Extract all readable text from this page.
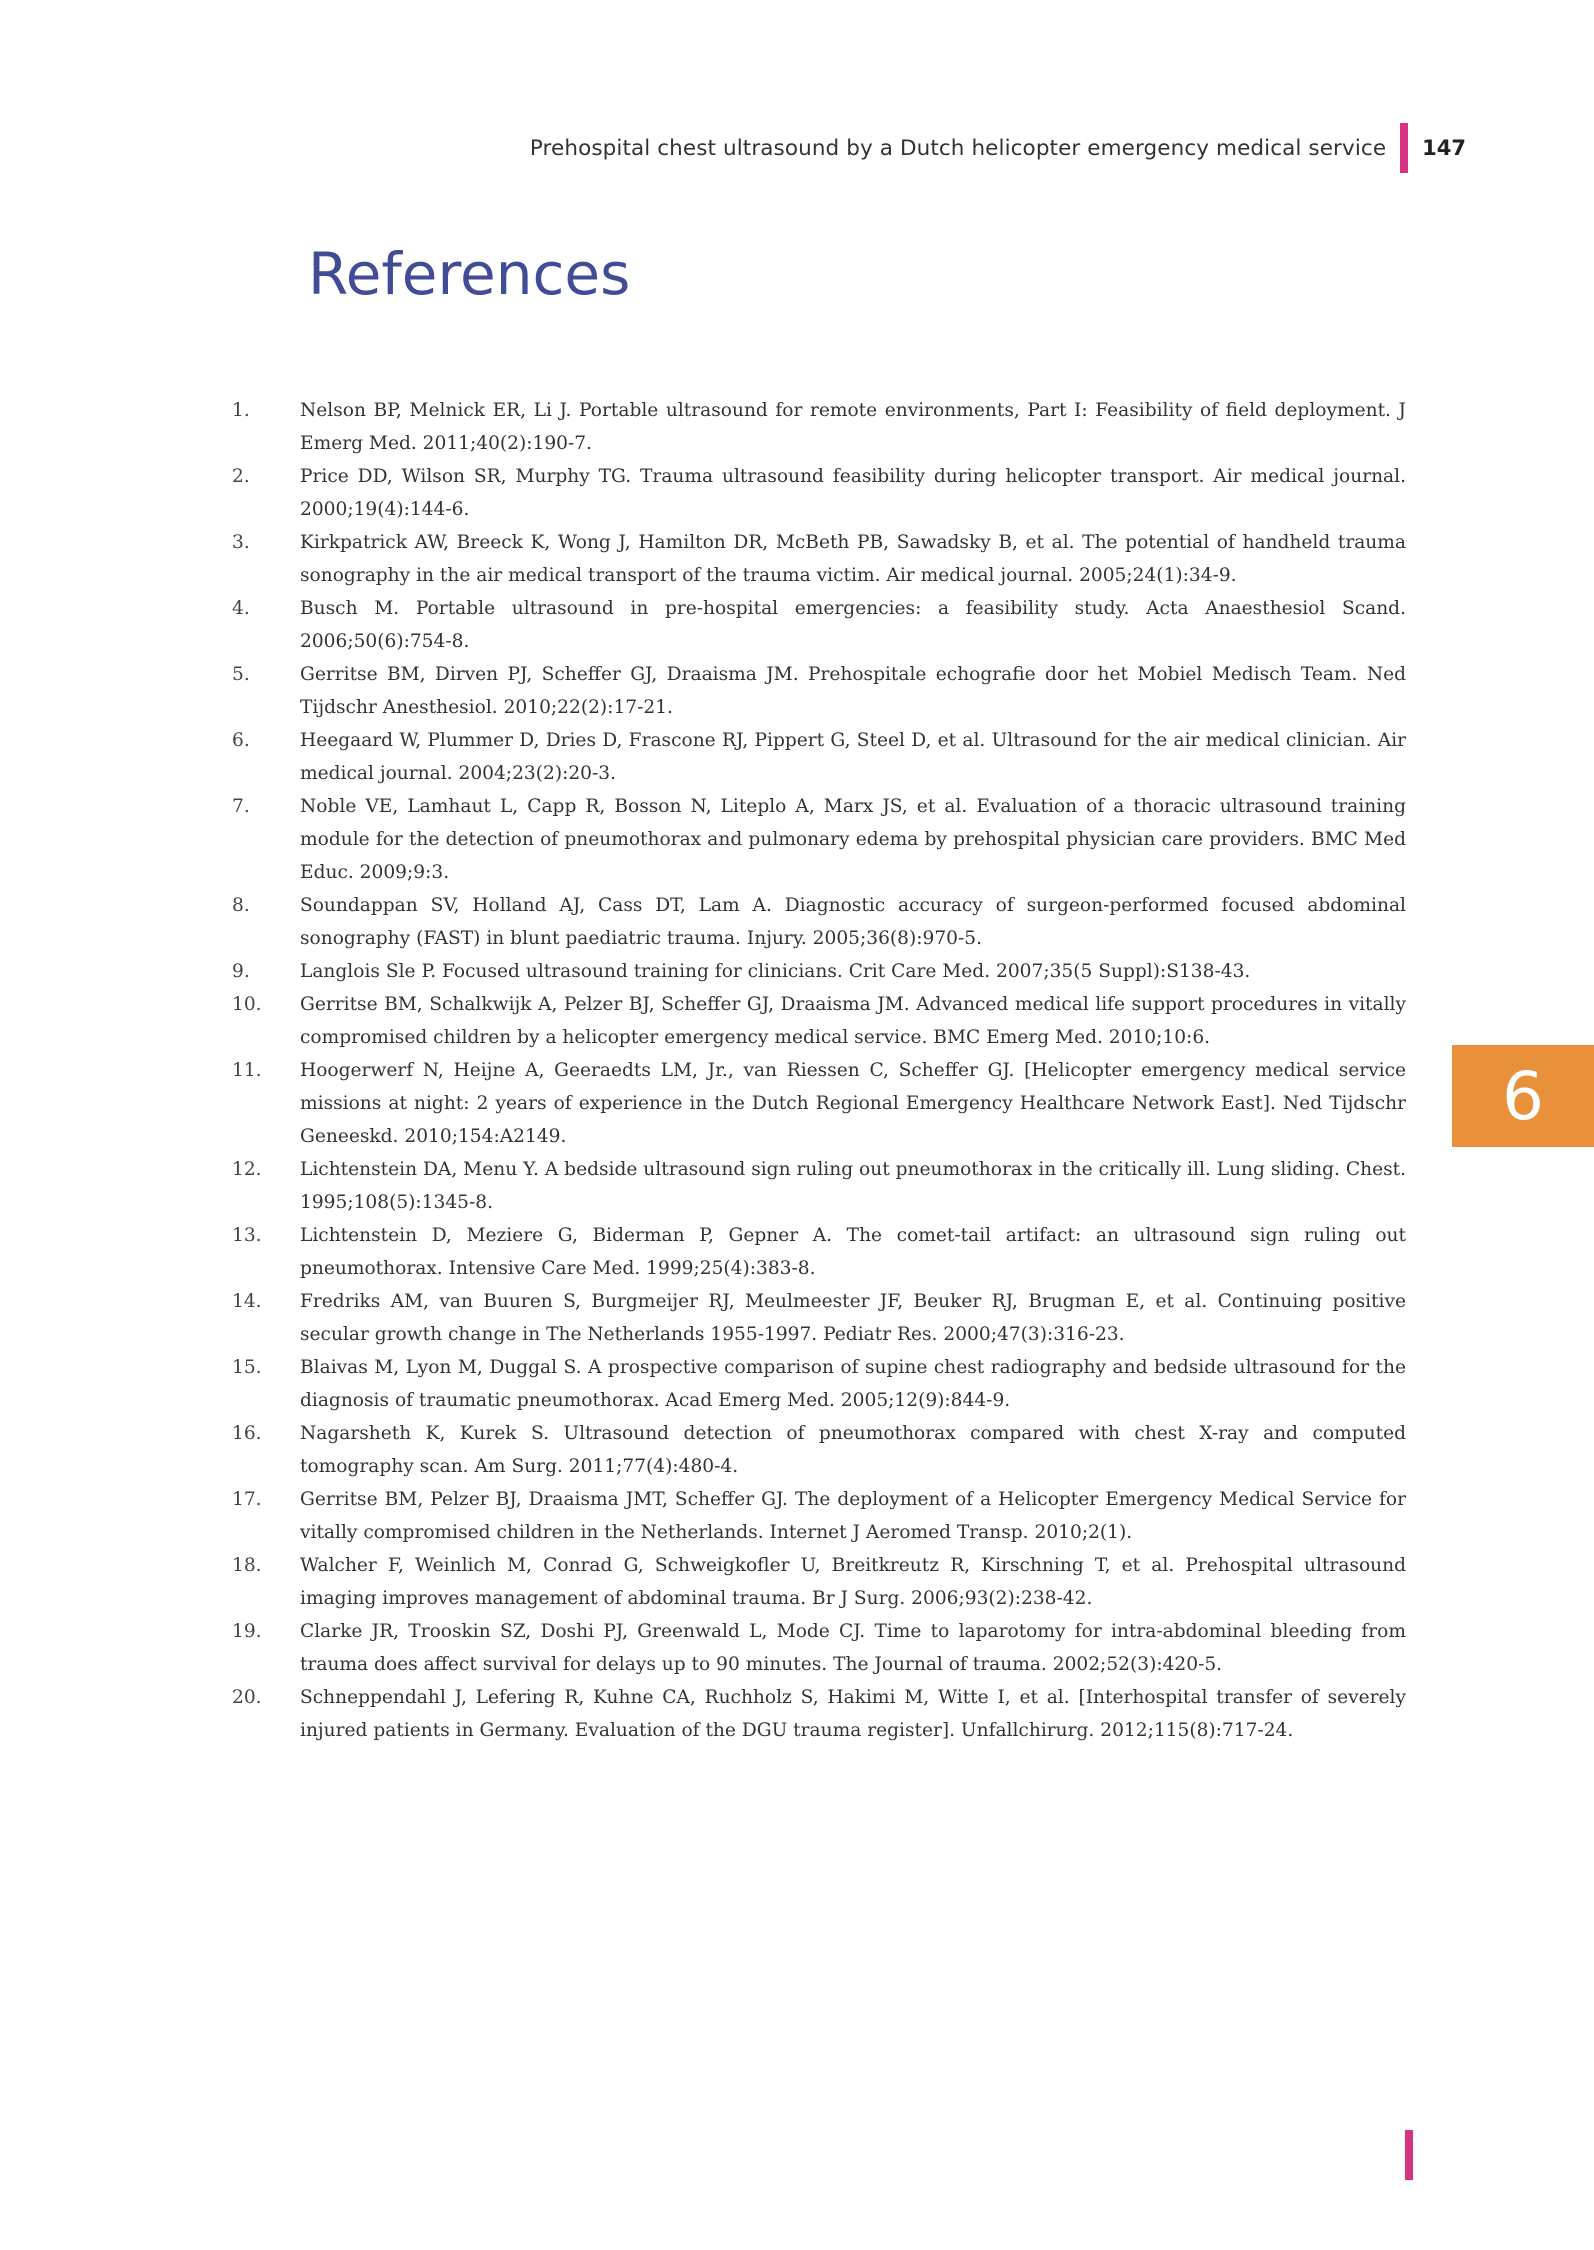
Prehospital chest ultrasound by a Dutch helicopter emergency medical service 147
References
1.	Nelson BP, Melnick ER, Li J. Portable ultrasound for remote environments, Part I: Feasibility of field deployment. J Emerg Med. 2011;40(2):190-7.
2.	Price DD, Wilson SR, Murphy TG. Trauma ultrasound feasibility during helicopter transport. Air medical journal. 2000;19(4):144-6.
3.	Kirkpatrick AW, Breeck K, Wong J, Hamilton DR, McBeth PB, Sawadsky B, et al. The potential of handheld trauma sonography in the air medical transport of the trauma victim. Air medical journal. 2005;24(1):34-9.
4.	Busch M. Portable ultrasound in pre-hospital emergencies: a feasibility study. Acta Anaesthesiol Scand. 2006;50(6):754-8.
5.	Gerritse BM, Dirven PJ, Scheffer GJ, Draaisma JM. Prehospitale echografie door het Mobiel Medisch Team. Ned Tijdschr Anesthesiol. 2010;22(2):17-21.
6.	Heegaard W, Plummer D, Dries D, Frascone RJ, Pippert G, Steel D, et al. Ultrasound for the air medical clinician. Air medical journal. 2004;23(2):20-3.
7.	Noble VE, Lamhaut L, Capp R, Bosson N, Liteplo A, Marx JS, et al. Evaluation of a thoracic ultrasound training module for the detection of pneumothorax and pulmonary edema by prehospital physician care providers. BMC Med Educ. 2009;9:3.
8.	Soundappan SV, Holland AJ, Cass DT, Lam A. Diagnostic accuracy of surgeon-performed focused abdominal sonography (FAST) in blunt paediatric trauma. Injury. 2005;36(8):970-5.
9.	Langlois Sle P. Focused ultrasound training for clinicians. Crit Care Med. 2007;35(5 Suppl):S138-43.
10.	Gerritse BM, Schalkwijk A, Pelzer BJ, Scheffer GJ, Draaisma JM. Advanced medical life support procedures in vitally compromised children by a helicopter emergency medical service. BMC Emerg Med. 2010;10:6.
11.	Hoogerwerf N, Heijne A, Geeraedts LM, Jr., van Riessen C, Scheffer GJ. [Helicopter emergency medical service missions at night: 2 years of experience in the Dutch Regional Emergency Healthcare Network East]. Ned Tijdschr Geneeskd. 2010;154:A2149.
12.	Lichtenstein DA, Menu Y. A bedside ultrasound sign ruling out pneumothorax in the critically ill. Lung sliding. Chest. 1995;108(5):1345-8.
13.	Lichtenstein D, Meziere G, Biderman P, Gepner A. The comet-tail artifact: an ultrasound sign ruling out pneumothorax. Intensive Care Med. 1999;25(4):383-8.
14.	Fredriks AM, van Buuren S, Burgmeijer RJ, Meulmeester JF, Beuker RJ, Brugman E, et al. Continuing positive secular growth change in The Netherlands 1955-1997. Pediatr Res. 2000;47(3):316-23.
15.	Blaivas M, Lyon M, Duggal S. A prospective comparison of supine chest radiography and bedside ultrasound for the diagnosis of traumatic pneumothorax. Acad Emerg Med. 2005;12(9):844-9.
16.	Nagarsheth K, Kurek S. Ultrasound detection of pneumothorax compared with chest X-ray and computed tomography scan. Am Surg. 2011;77(4):480-4.
17.	Gerritse BM, Pelzer BJ, Draaisma JMT, Scheffer GJ. The deployment of a Helicopter Emergency Medical Service for vitally compromised children in the Netherlands. Internet J Aeromed Transp. 2010;2(1).
18.	Walcher F, Weinlich M, Conrad G, Schweigkofler U, Breitkreutz R, Kirschning T, et al. Prehospital ultrasound imaging improves management of abdominal trauma. Br J Surg. 2006;93(2):238-42.
19.	Clarke JR, Trooskin SZ, Doshi PJ, Greenwald L, Mode CJ. Time to laparotomy for intra-abdominal bleeding from trauma does affect survival for delays up to 90 minutes. The Journal of trauma. 2002;52(3):420-5.
20.	Schneppendahl J, Lefering R, Kuhne CA, Ruchholz S, Hakimi M, Witte I, et al. [Interhospital transfer of severely injured patients in Germany. Evaluation of the DGU trauma register]. Unfallchirurg. 2012;115(8):717-24.
6
